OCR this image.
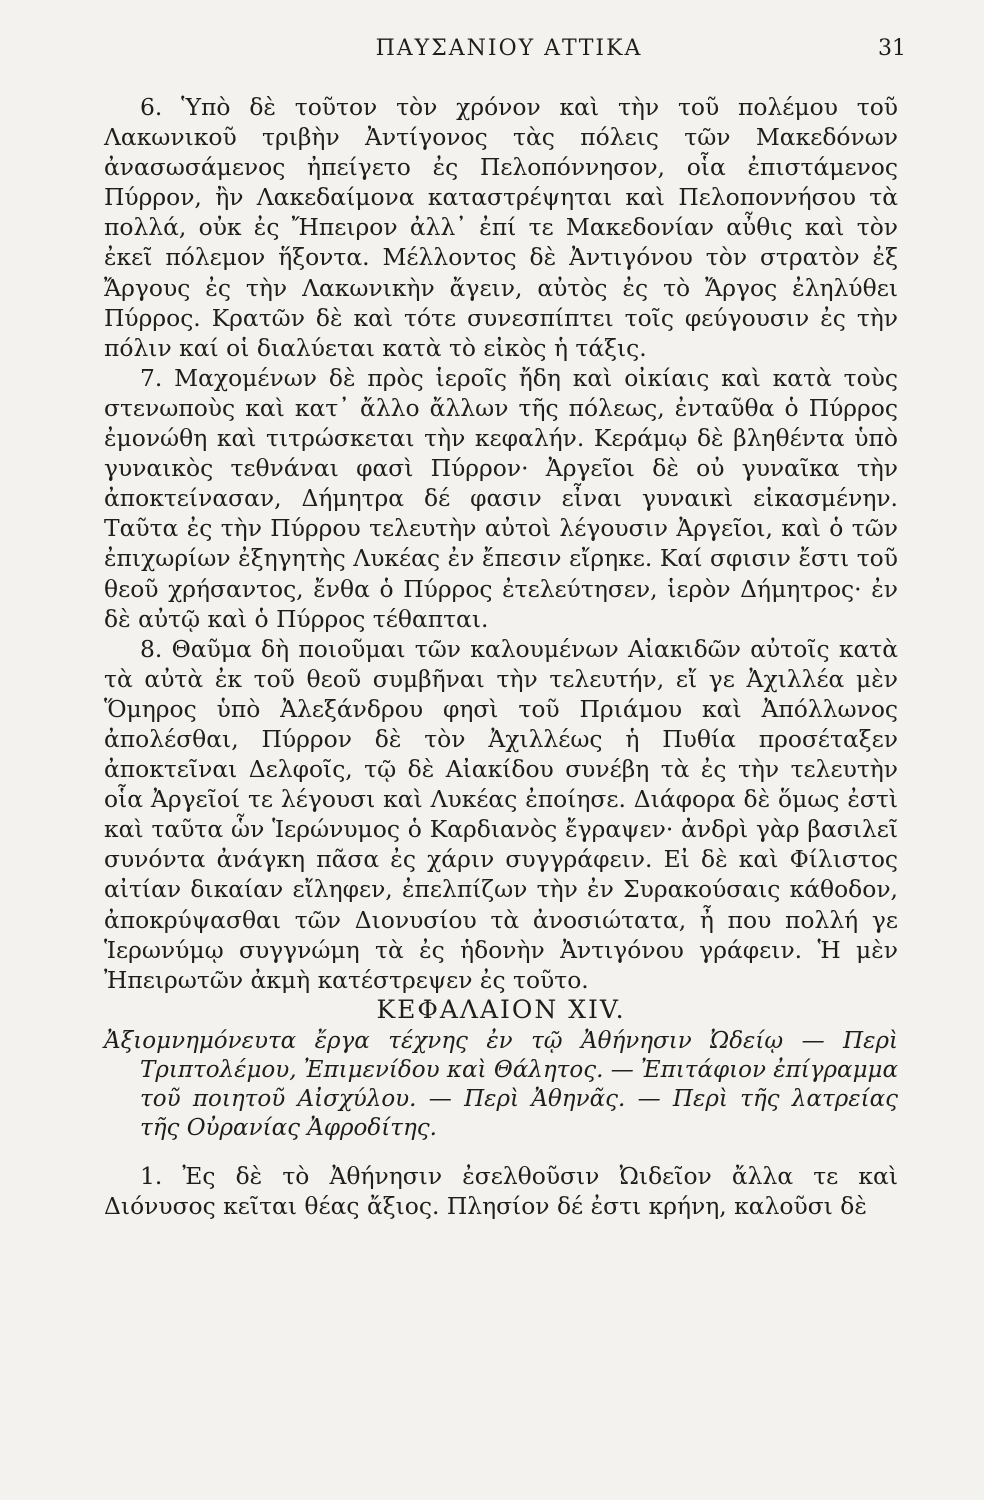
ΠΑΥΣΑΝΙΟΥ ΑΤΤΙΚΑ	31

6. Ὑπὸ δὲ τοῦτον τὸν χρόνον καὶ τὴν τοῦ πολέμου τοῦ Λακωνικοῦ τριβὴν Ἀντίγονος τὰς πόλεις τῶν Μακεδόνων ἀνασωσάμενος ἠπείγετο ἐς Πελοπόννησον, οἷα ἐπιστάμενος Πύρρον, ἢν Λακεδαίμονα καταστρέψηται καὶ Πελοποννήσου τὰ πολλά, οὐκ ἐς Ἤπειρον ἀλλ᾽ ἐπί τε Μακεδονίαν αὖθις καὶ τὸν ἐκεῖ πόλεμον ἥξοντα. Μέλλοντος δὲ Ἀντιγόνου τὸν στρατὸν ἐξ Ἄργους ἐς τὴν Λακωνικὴν ἄγειν, αὐτὸς ἐς τὸ Ἄργος ἐληλύθει Πύρρος. Κρατῶν δὲ καὶ τότε συνεσπίπτει τοῖς φεύγουσιν ἐς τὴν πόλιν καί οἱ διαλύεται κατὰ τὸ εἰκὸς ἡ τάξις.

7. Μαχομένων δὲ πρὸς ἱεροῖς ἤδη καὶ οἰκίαις καὶ κατὰ τοὺς στενωποὺς καὶ κατ᾽ ἄλλο ἄλλων τῆς πόλεως, ἐνταῦθα ὁ Πύρρος ἐμονώθη καὶ τιτρώσκεται τὴν κεφαλήν. Κεράμῳ δὲ βληθέντα ὑπὸ γυναικὸς τεθνάναι φασὶ Πύρρον· Ἀργεῖοι δὲ οὐ γυναῖκα τὴν ἀποκτείνασαν, Δήμητρα δέ φασιν εἶναι γυναικὶ εἰκασμένην. Ταῦτα ἐς τὴν Πύρρου τελευτὴν αὐτοὶ λέγουσιν Ἀργεῖοι, καὶ ὁ τῶν ἐπιχωρίων ἐξηγητὴς Λυκέας ἐν ἔπεσιν εἴρηκε. Καί σφισιν ἔστι τοῦ θεοῦ χρήσαντος, ἔνθα ὁ Πύρρος ἐτελεύτησεν, ἱερὸν Δήμητρος· ἐν δὲ αὐτῷ καὶ ὁ Πύρρος τέθαπται.

8. Θαῦμα δὴ ποιοῦμαι τῶν καλουμένων Αἰακιδῶν αὐτοῖς κατὰ τὰ αὐτὰ ἐκ τοῦ θεοῦ συμβῆναι τὴν τελευτήν, εἴ γε Ἀχιλλέα μὲν Ὅμηρος ὑπὸ Ἀλεξάνδρου φησὶ τοῦ Πριάμου καὶ Ἀπόλλωνος ἀπολέσθαι, Πύρρον δὲ τὸν Ἀχιλλέως ἡ Πυθία προσέταξεν ἀποκτεῖναι Δελφοῖς, τῷ δὲ Αἰακίδου συνέβη τὰ ἐς τὴν τελευτὴν οἷα Ἀργεῖοί τε λέγουσι καὶ Λυκέας ἐποίησε. Διάφορα δὲ ὅμως ἐστὶ καὶ ταῦτα ὧν Ἱερώνυμος ὁ Καρδιανὸς ἔγραψεν· ἀνδρὶ γὰρ βασιλεῖ συνόντα ἀνάγκη πᾶσα ἐς χάριν συγγράφειν. Εἰ δὲ καὶ Φίλιστος αἰτίαν δικαίαν εἴληφεν, ἐπελπίζων τὴν ἐν Συρακούσαις κάθοδον, ἀποκρύψασθαι τῶν Διονυσίου τὰ ἀνοσιώτατα, ἦ που πολλή γε Ἱερωνύμῳ συγγνώμη τὰ ἐς ἡδονὴν Ἀντιγόνου γράφειν. Ἡ μὲν Ἠπειρωτῶν ἀκμὴ κατέστρεψεν ἐς τοῦτο.

ΚΕΦΑΛΑΙΟΝ XIV.

Ἀξιομνημόνευτα ἔργα τέχνης ἐν τῷ Ἀθήνησιν Ὠδείῳ — Περὶ Τριπτολέμου, Ἐπιμενίδου καὶ Θάλητος. — Ἐπιτάφιον ἐπίγραμμα τοῦ ποιητοῦ Αἰσχύλου. — Περὶ Ἀθηνᾶς. — Περὶ τῆς λατρείας τῆς Οὐρανίας Ἀφροδίτης.

1. Ἐς δὲ τὸ Ἀθήνησιν ἐσελθοῦσιν Ὠιδεῖον ἄλλα τε καὶ Διόνυσος κεῖται θέας ἄξιος. Πλησίον δέ ἐστι κρήνη, καλοῦσι δὲ
